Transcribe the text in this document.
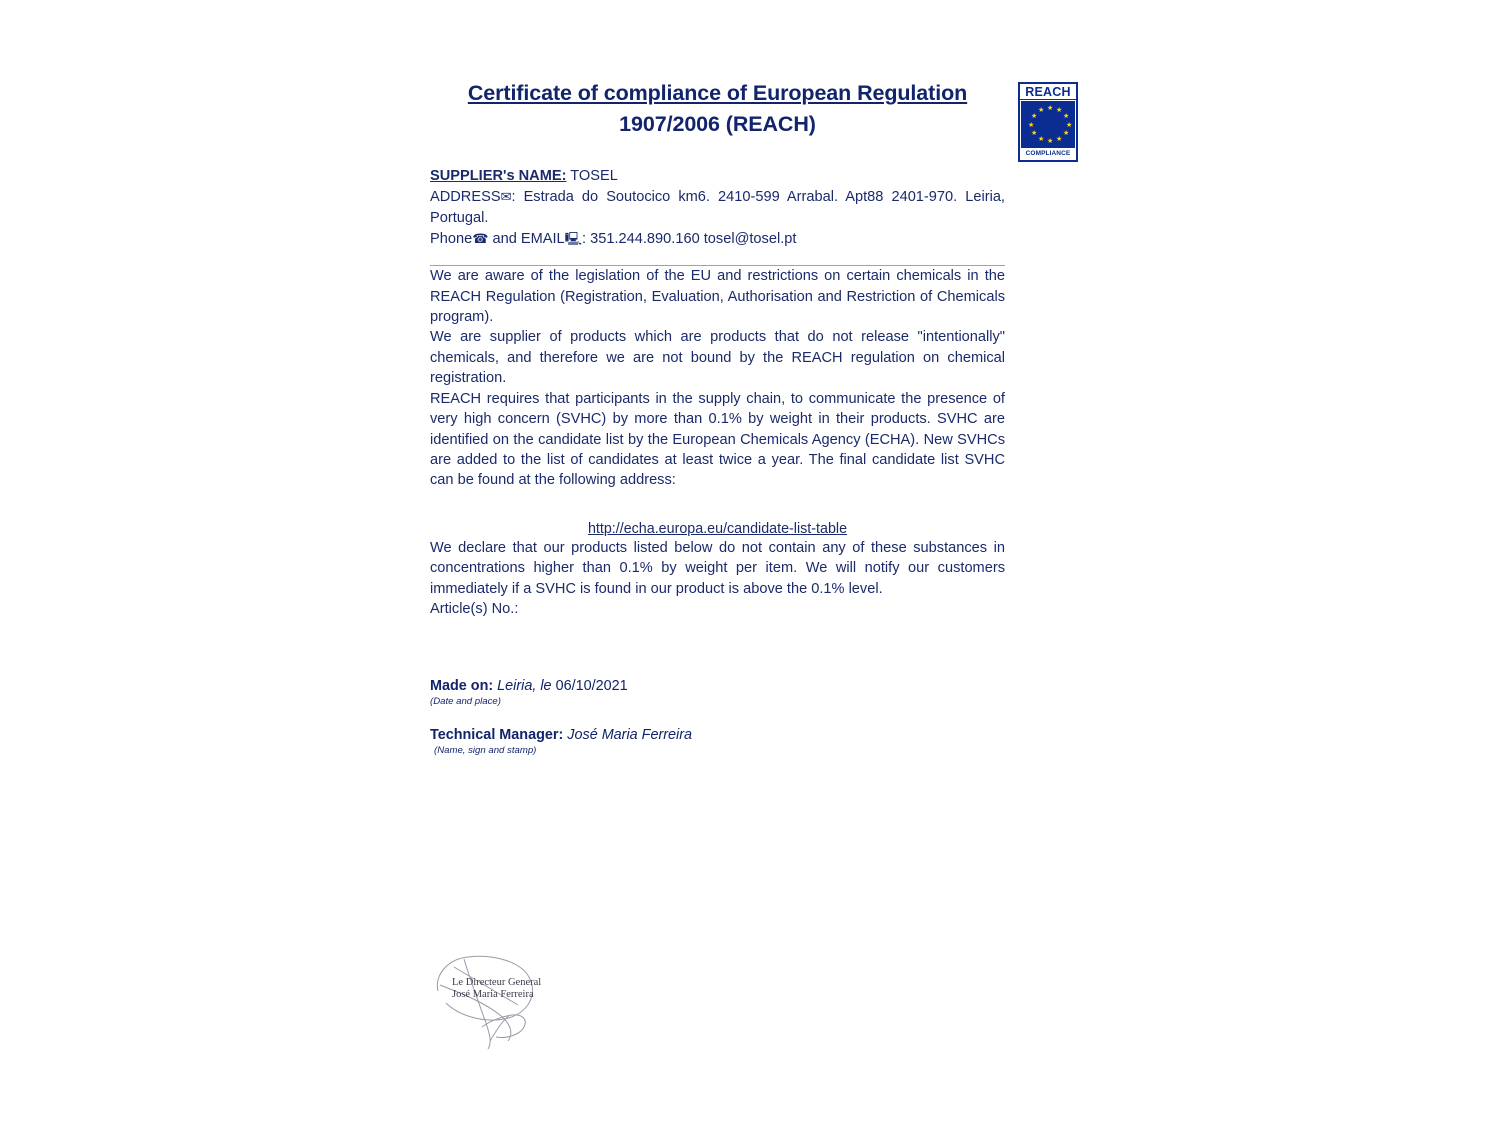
REACH
★ ★
★
★
★
★
★
★
★
★
★
★
COMPLIANCE
Certificate of compliance of European Regulation
1907/2006 (REACH)
SUPPLIER's NAME: TOSEL
ADDRESS✉: Estrada do Soutocico km6. 2410-599 Arrabal. Apt88 2401-970. Leiria, Portugal.
Phone☎ and EMAIL🖳: 351.244.890.160 tosel@tosel.pt

We are aware of the legislation of the EU and restrictions on certain chemicals in the REACH Regulation (Registration, Evaluation, Authorisation and Restriction of Chemicals program).

We are supplier of products which are products that do not release "intentionally" chemicals, and therefore we are not bound by the REACH regulation on chemical registration.

REACH requires that participants in the supply chain, to communicate the presence of very high concern (SVHC) by more than 0.1% by weight in their products. SVHC are identified on the candidate list by the European Chemicals Agency (ECHA). New SVHCs are added to the list of candidates at least twice a year. The final candidate list SVHC can be found at the following address:

http://echa.europa.eu/candidate-list-table

We declare that our products listed below do not contain any of these substances in concentrations higher than 0.1% by weight per item. We will notify our customers immediately if a SVHC is found in our product is above the 0.1% level.

Article(s) No.:

Made on: Leiria, le 06/10/2021
(Date and place)
Technical Manager: José Maria Ferreira
(Name, sign and stamp)
Le Directeur General
José Maria Ferreira
